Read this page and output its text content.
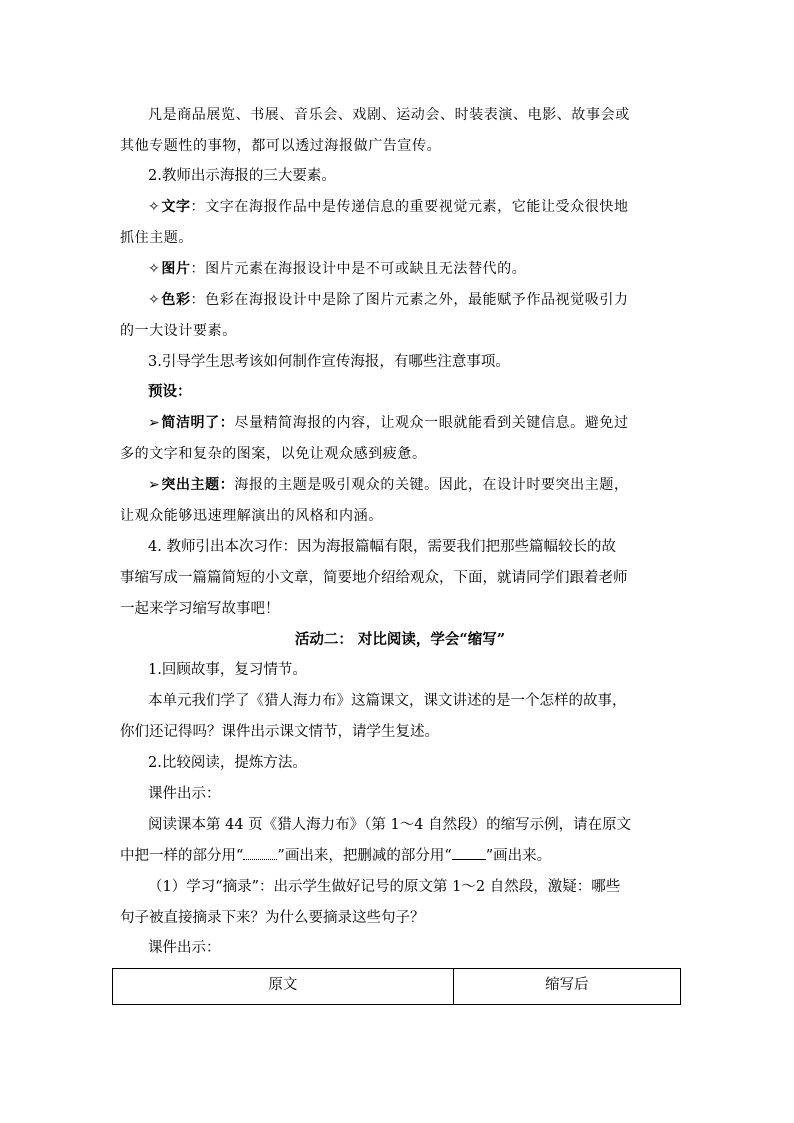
凡是商品展览、书展、音乐会、戏剧、运动会、时装表演、电影、故事会或
其他专题性的事物，都可以透过海报做广告宣传。
2.教师出示海报的三大要素。
✧文字：文字在海报作品中是传递信息的重要视觉元素，它能让受众很快地
抓住主题。
✧图片：图片元素在海报设计中是不可或缺且无法替代的。
✧色彩：色彩在海报设计中是除了图片元素之外，最能赋予作品视觉吸引力
的一大设计要素。
3.引导学生思考该如何制作宣传海报，有哪些注意事项。
预设：
➢简洁明了：尽量精简海报的内容，让观众一眼就能看到关键信息。避免过
多的文字和复杂的图案，以免让观众感到疲惫。
➢突出主题：海报的主题是吸引观众的关键。因此，在设计时要突出主题，
让观众能够迅速理解演出的风格和内涵。
4. 教师引出本次习作：因为海报篇幅有限，需要我们把那些篇幅较长的故
事缩写成一篇篇简短的小文章，简要地介绍给观众，下面，就请同学们跟着老师
一起来学习缩写故事吧！
活动二： 对比阅读，学会“缩写”
1.回顾故事，复习情节。
本单元我们学了《猎人海力布》这篇课文，课文讲述的是一个怎样的故事，
你们还记得吗？课件出示课文情节，请学生复述。
2.比较阅读，提炼方法。
课件出示：
阅读课本第 44 页《猎人海力布》（第 1～4 自然段）的缩写示例，请在原文
中把一样的部分用“ ”画出来，把删减的部分用“ ”画出来。
（1）学习“摘录”：出示学生做好记号的原文第 1～2 自然段，激疑：哪些
句子被直接摘录下来？为什么要摘录这些句子？
课件出示：
原文	缩写后
